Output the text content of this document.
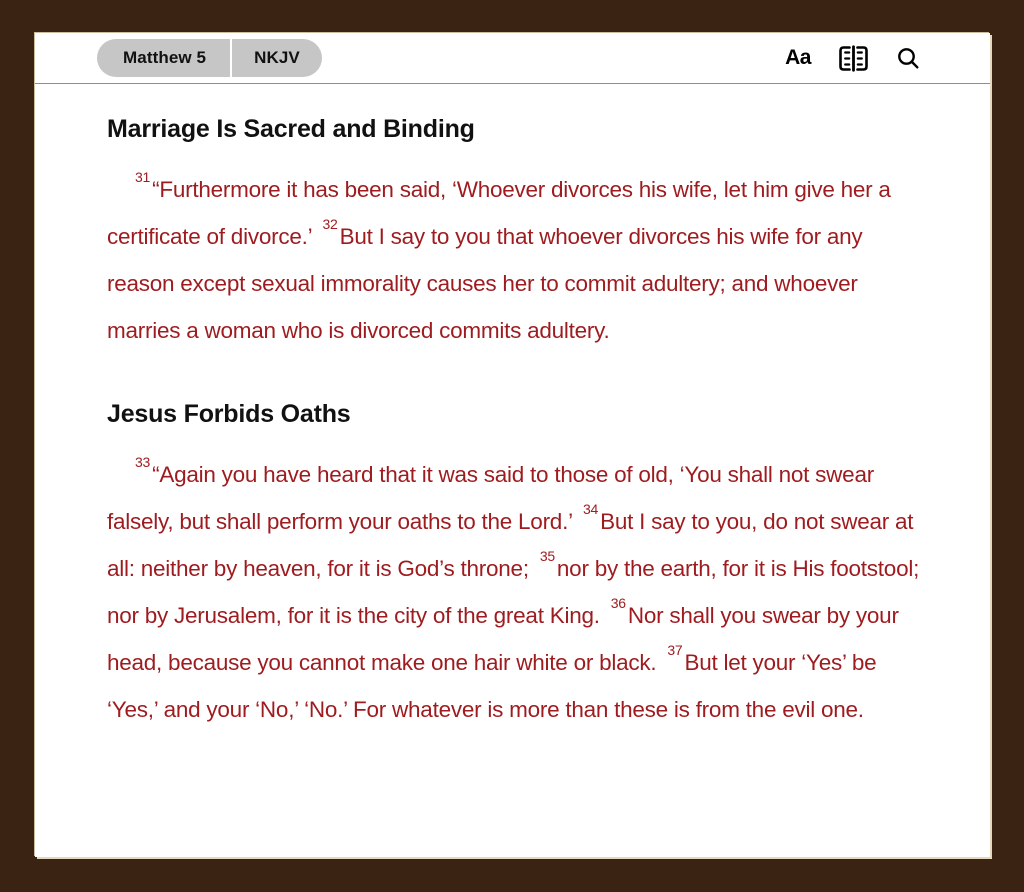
Matthew 5	NKJV	Aa
Marriage Is Sacred and Binding

$^{31}$“Furthermore it has been said, ‘Whoever divorces his wife, let him give her a certificate of divorce.’ $^{32}$But I say to you that whoever divorces his wife for any reason except sexual immorality causes her to commit adultery; and whoever marries a woman who is divorced commits adultery.

Jesus Forbids Oaths

$^{33}$“Again you have heard that it was said to those of old, ‘You shall not swear falsely, but shall perform your oaths to the Lord.’ $^{34}$But I say to you, do not swear at all: neither by heaven, for it is God’s throne; $^{35}$nor by the earth, for it is His footstool; nor by Jerusalem, for it is the city of the great King. $^{36}$Nor shall you swear by your head, because you cannot make one hair white or black. $^{37}$But let your ‘Yes’ be ‘Yes,’ and your ‘No,’ ‘No.’ For whatever is more than these is from the evil one.
